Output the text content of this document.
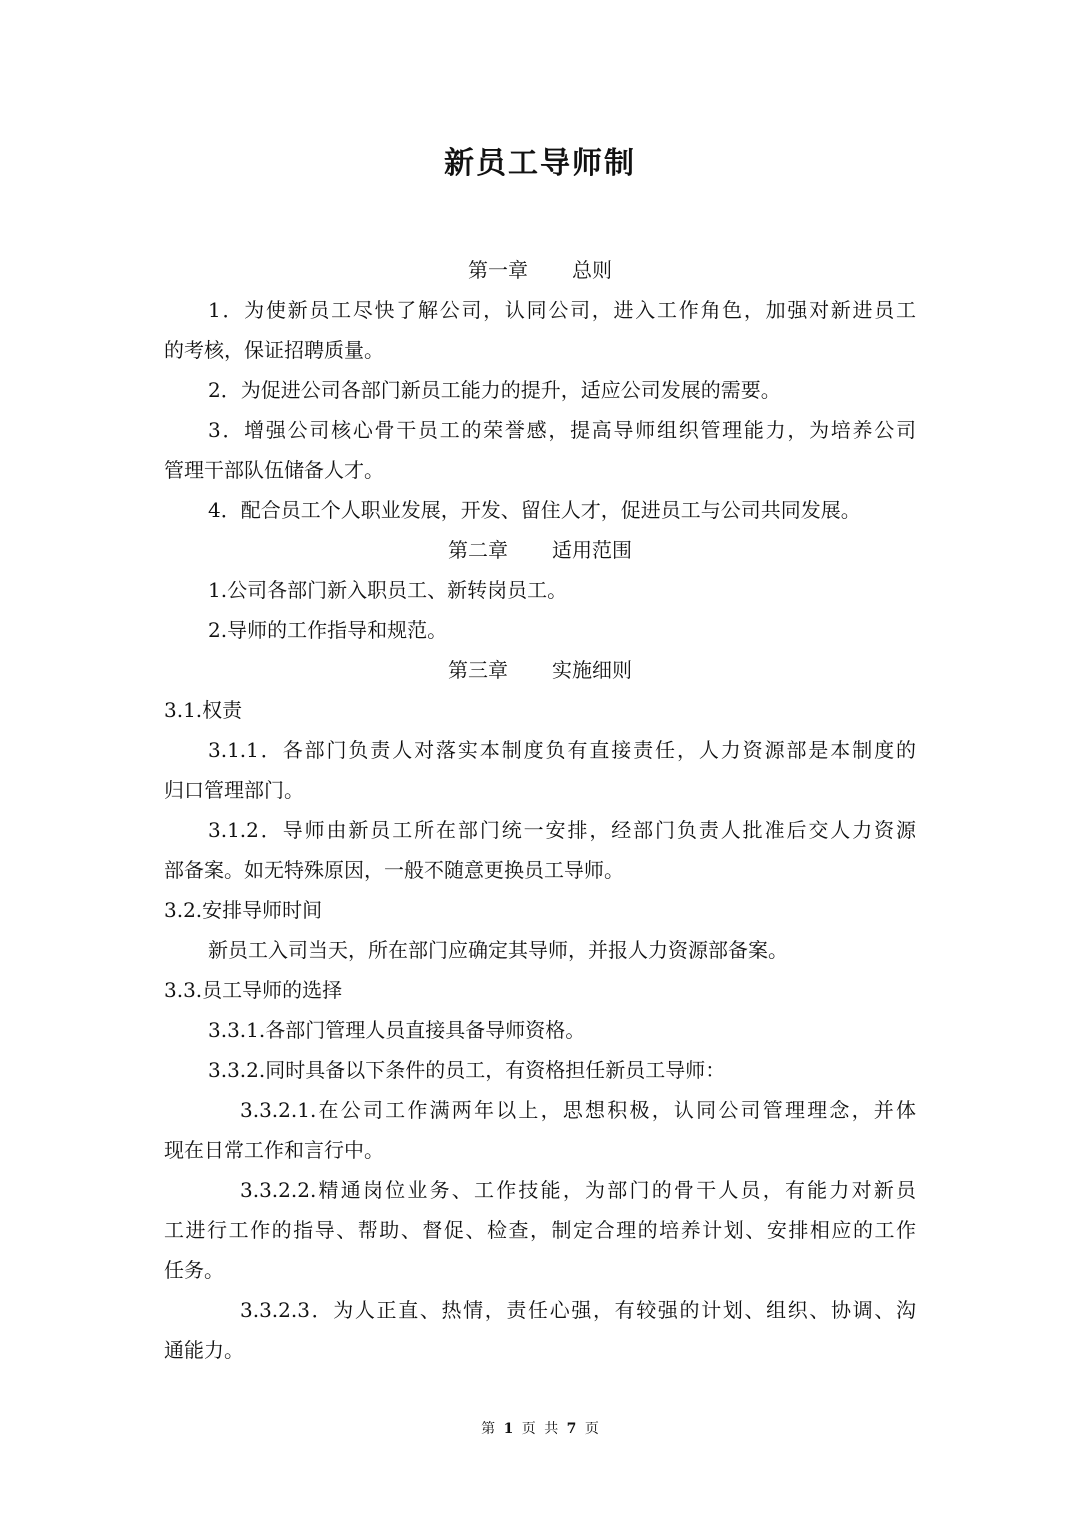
新员工导师制
第一章 总则
1．为使新员工尽快了解公司，认同公司，进入工作角色，加强对新进员工
的考核，保证招聘质量。
2．为促进公司各部门新员工能力的提升，适应公司发展的需要。
3．增强公司核心骨干员工的荣誉感，提高导师组织管理能力，为培养公司
管理干部队伍储备人才。
4．配合员工个人职业发展，开发、留住人才，促进员工与公司共同发展。
第二章 适用范围
1.公司各部门新入职员工、新转岗员工。
2.导师的工作指导和规范。
第三章 实施细则
3.1.权责
3.1.1．各部门负责人对落实本制度负有直接责任，人力资源部是本制度的
归口管理部门。
3.1.2．导师由新员工所在部门统一安排，经部门负责人批准后交人力资源
部备案。如无特殊原因，一般不随意更换员工导师。
3.2.安排导师时间
新员工入司当天，所在部门应确定其导师，并报人力资源部备案。
3.3.员工导师的选择
3.3.1.各部门管理人员直接具备导师资格。
3.3.2.同时具备以下条件的员工，有资格担任新员工导师：
3.3.2.1.在公司工作满两年以上，思想积极，认同公司管理理念，并体
现在日常工作和言行中。
3.3.2.2.精通岗位业务、工作技能，为部门的骨干人员，有能力对新员
工进行工作的指导、帮助、督促、检查，制定合理的培养计划、安排相应的工作
任务。
3.3.2.3．为人正直、热情，责任心强，有较强的计划、组织、协调、沟
通能力。
第 1 页 共 7 页
